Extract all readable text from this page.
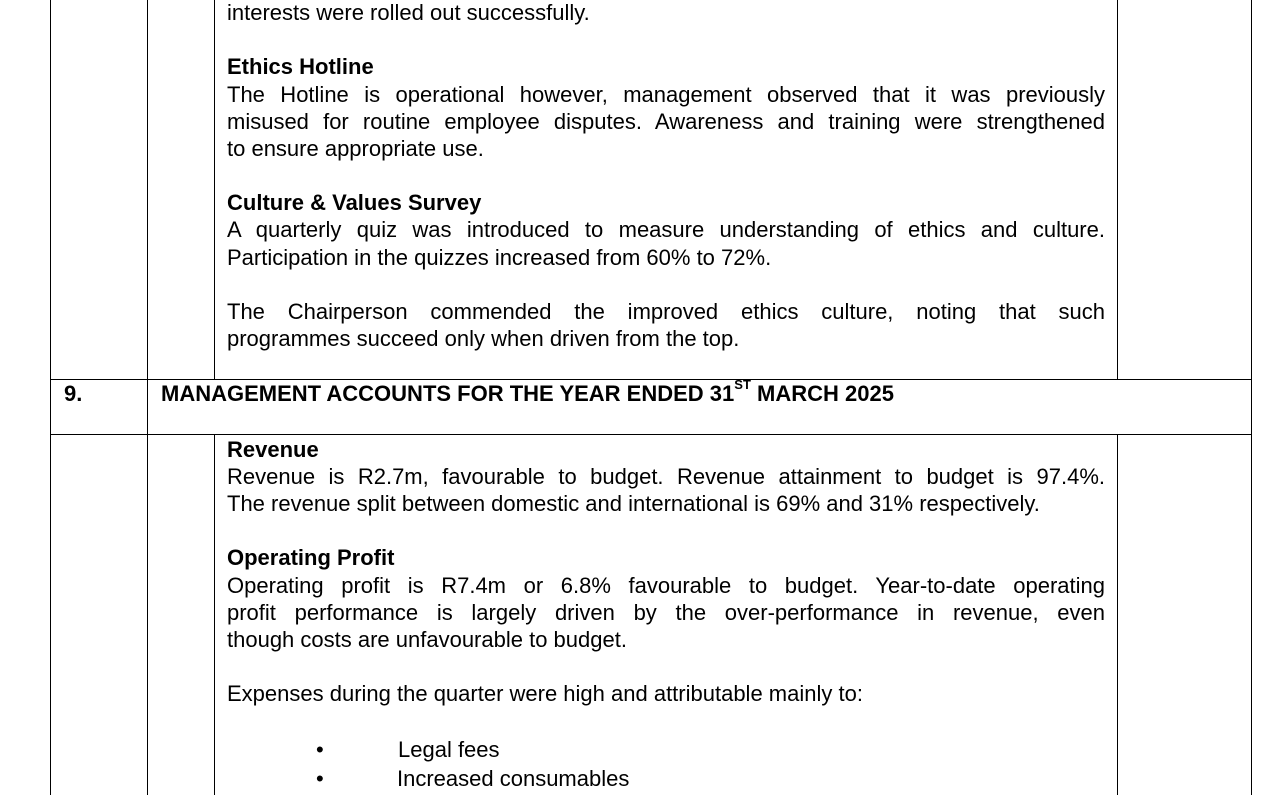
interests were rolled out successfully.
Ethics Hotline
The Hotline is operational however, management observed that it was previously
misused for routine employee disputes. Awareness and training were strengthened
to ensure appropriate use.
Culture & Values Survey
A quarterly quiz was introduced to measure understanding of ethics and culture.
Participation in the quizzes increased from 60% to 72%.
The Chairperson commended the improved ethics culture, noting that such
programmes succeed only when driven from the top.
9.	MANAGEMENT ACCOUNTS FOR THE YEAR ENDED 31ST MARCH 2025
Revenue
Revenue is R2.7m, favourable to budget. Revenue attainment to budget is 97.4%.
The revenue split between domestic and international is 69% and 31% respectively.
Operating Profit
Operating profit is R7.4m or 6.8% favourable to budget. Year-to-date operating
profit performance is largely driven by the over-performance in revenue, even
though costs are unfavourable to budget.
Expenses during the quarter were high and attributable mainly to:
•	Legal fees
•	Increased consumables
